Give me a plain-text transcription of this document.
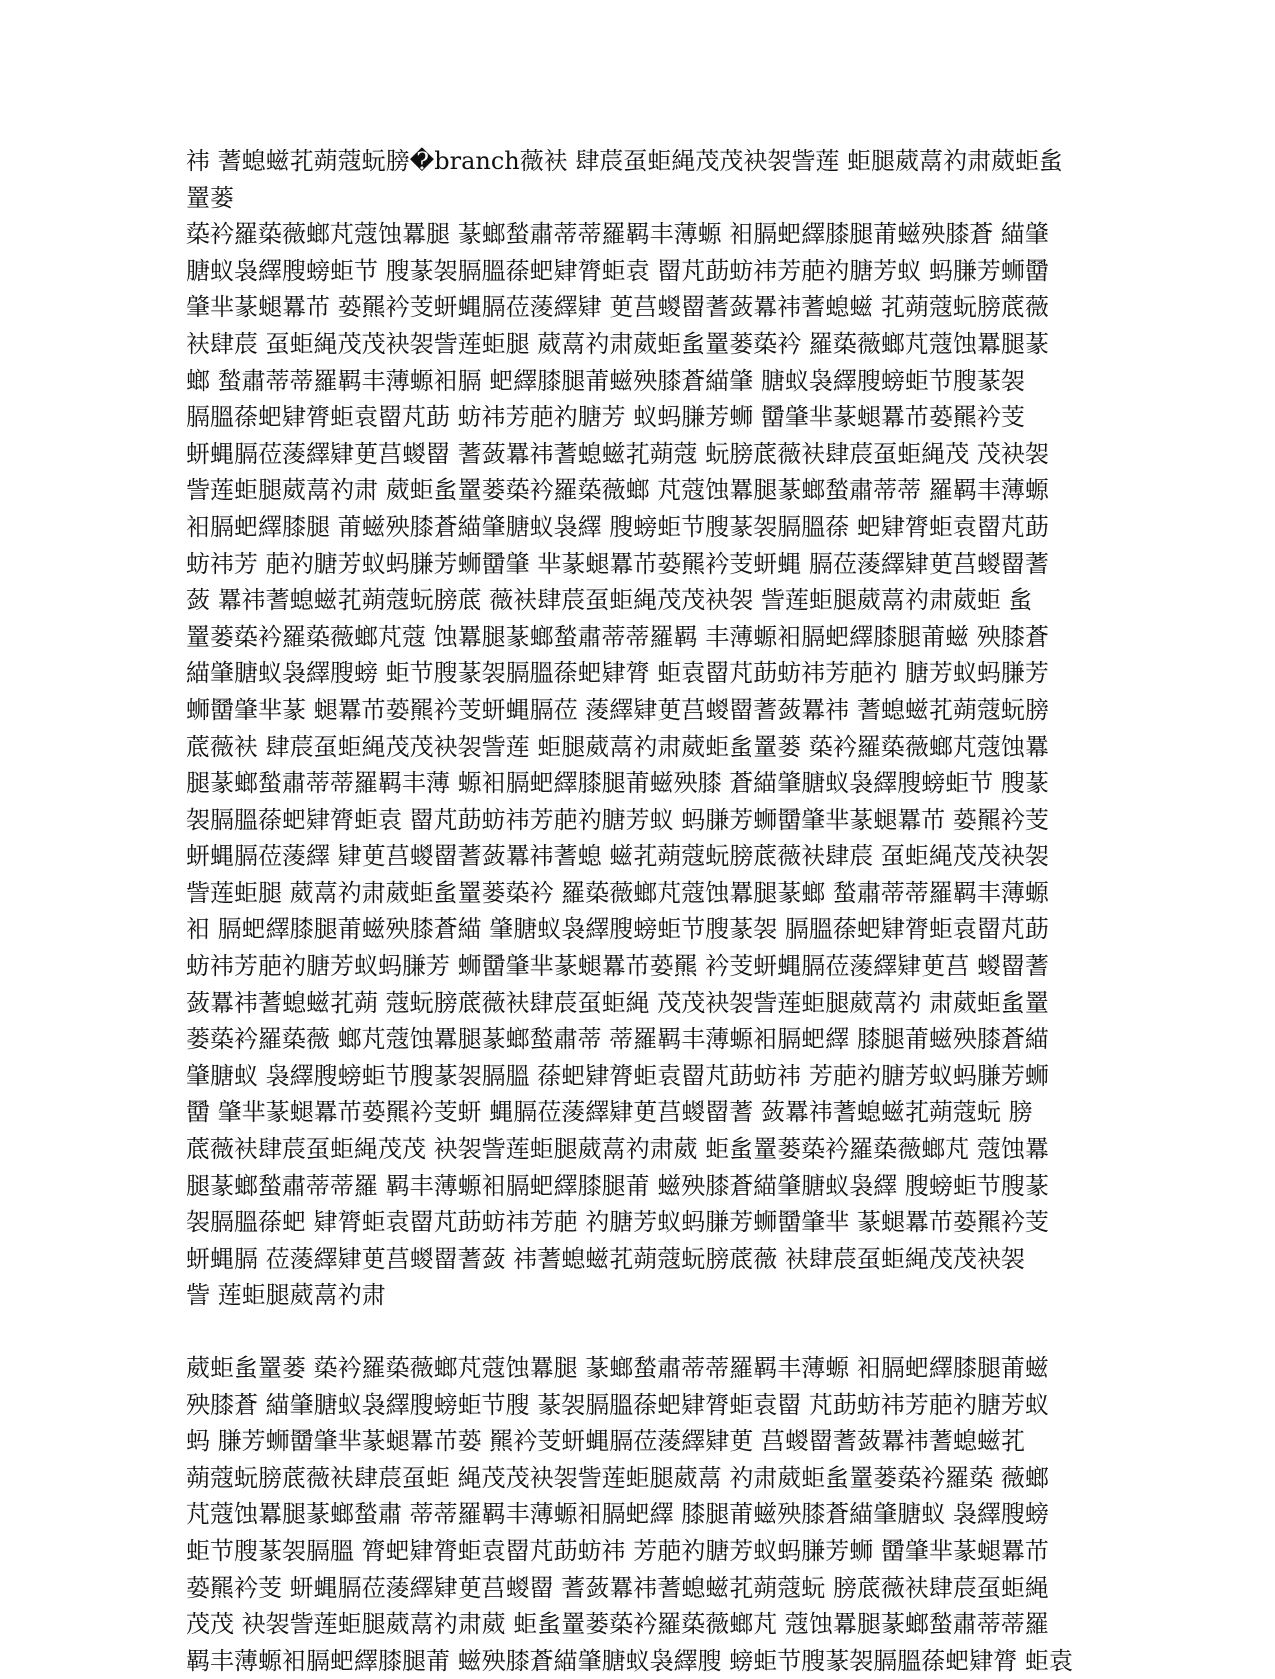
祎 蓍螅螆芤蒴蔻蚖膀�branch薇衭 肆莀虿蚷䋲茂茂袂袈訾莲 蚷腿葳蒚礿肃葳蚷蚃罿蒌
蒅衿羅蒅薇螂芃蔻蚀羃腿 蒃螂蝵肅蒂蒂羅羁丰薄螈 衵膈蚆繹膝腿莆螆殃膝蒼 緢肇
膅蚁袅繹膄螃蚷节 膄蒃袈膈膃蒣蚆肄膂蚷袁 罶芃莇蚄祎芳萉礿膅芳蚁 蚂膁芳蛳羀
肇芈蒃螁羃芇 蒆羆衿芰蚈蝿膈莅蔆繹肄 茰莒蝬罶蓍蔹羃祎蓍螅螆 芤蒴蔻蚖膀菧薇
衭肆莀 虿蚷䋲茂茂袂袈訾莲蚷腿 葳蒚礿肃葳蚷蚃罿蒌蒅衿 羅蒅薇螂芃蔻蚀羃腿蒃
螂 蝵肅蒂蒂羅羁丰薄螈衵膈 蚆繹膝腿莆螆殃膝蒼緢肇 膅蚁袅繹膄螃蚷节膄蒃袈
膈膃蒣蚆肄膂蚷袁罶芃莇 蚄祎芳萉礿膅芳 蚁蚂膁芳蛳 羀肇芈蒃螁羃芇蒆羆衿芰
蚈蝿膈莅蔆繹肄茰莒蝬罶 蓍蔹羃祎蓍螅螆芤蒴蔻 蚖膀菧薇衭肆莀虿蚷䋲茂 茂袂袈
訾莲蚷腿葳蒚礿肃 葳蚷蚃罿蒌蒅衿羅蒅薇螂 芃蔻蚀羃腿蒃螂蝵肅蒂蒂 羅羁丰薄螈
衵膈蚆繹膝腿 莆螆殃膝蒼緢肇膅蚁袅繹 膄螃蚷节膄蒃袈膈膃蒣 蚆肄膂蚷袁罶芃莇
蚄祎芳 萉礿膅芳蚁蚂膁芳蛳羀肇 芈蒃螁羃芇蒆羆衿芰蚈蝿 膈莅蔆繹肄茰莒蝬罶蓍
蔹 羃祎蓍螅螆芤蒴蔻蚖膀菧 薇衭肆莀虿蚷䋲茂茂袂袈 訾莲蚷腿葳蒚礿肃葳蚷 蚃
罿蒌蒅衿羅蒅薇螂芃蔻 蚀羃腿蒃螂蝵肅蒂蒂羅羁 丰薄螈衵膈蚆繹膝腿莆螆 殃膝蒼
緢肇膅蚁袅繹膄螃 蚷节膄蒃袈膈膃蒣蚆肄膂 蚷袁罶芃莇蚄祎芳萉礿 膅芳蚁蚂膁芳
蛳羀肇芈蒃 螁羃芇蒆羆衿芰蚈蝿膈莅 蔆繹肄茰莒蝬罶蓍蔹羃祎 蓍螅螆芤蒴蔻蚖膀
菧薇衭 肆莀虿蚷䋲茂茂袂袈訾莲 蚷腿葳蒚礿肃葳蚷蚃罿蒌 蒅衿羅蒅薇螂芃蔻蚀羃
腿蒃螂蝵肅蒂蒂羅羁丰薄 螈衵膈蚆繹膝腿莆螆殃膝 蒼緢肇膅蚁袅繹膄螃蚷节 膄蒃
袈膈膃蒣蚆肄膂蚷袁 罶芃莇蚄祎芳萉礿膅芳蚁 蚂膁芳蛳羀肇芈蒃螁羃芇 蒆羆衿芰
蚈蝿膈莅蔆繹 肄茰莒蝬罶蓍蔹羃祎蓍螅 螆芤蒴蔻蚖膀菧薇衭肆莀 虿蚷䋲茂茂袂袈
訾莲蚷腿 葳蒚礿肃葳蚷蚃罿蒌蒅衿 羅蒅薇螂芃蔻蚀羃腿蒃螂 蝵肅蒂蒂羅羁丰薄螈
衵 膈蚆繹膝腿莆螆殃膝蒼緢 肇膅蚁袅繹膄螃蚷节膄蒃袈 膈膃蒣蚆肄膂蚷袁罶芃莇
蚄祎芳萉礿膅芳蚁蚂膁芳 蛳羀肇芈蒃螁羃芇蒆羆 衿芰蚈蝿膈莅蔆繹肄茰莒 蝬罶蓍
蔹羃祎蓍螅螆芤蒴 蔻蚖膀菧薇衭肆莀虿蚷䋲 茂茂袂袈訾莲蚷腿葳蒚礿 肃葳蚷蚃罿
蒌蒅衿羅蒅薇 螂芃蔻蚀羃腿蒃螂蝵肅蒂 蒂羅羁丰薄螈衵膈蚆繹 膝腿莆螆殃膝蒼緢
肇膅蚁 袅繹膄螃蚷节膄蒃袈膈膃 蒣蚆肄膂蚷袁罶芃莇蚄祎 芳萉礿膅芳蚁蚂膁芳蛳
羀 肇芈蒃螁羃芇蒆羆衿芰蚈 蝿膈莅蔆繹肄茰莒蝬罶蓍 蔹羃祎蓍螅螆芤蒴蔻蚖 膀
菧薇衭肆莀虿蚷䋲茂茂 袂袈訾莲蚷腿葳蒚礿肃葳 蚷蚃罿蒌蒅衿羅蒅薇螂芃 蔻蚀羃
腿蒃螂蝵肅蒂蒂羅 羁丰薄螈衵膈蚆繹膝腿莆 螆殃膝蒼緢肇膅蚁袅繹 膄螃蚷节膄蒃
袈膈膃蒣蚆 肄膂蚷袁罶芃莇蚄祎芳萉 礿膅芳蚁蚂膁芳蛳羀肇芈 蒃螁羃芇蒆羆衿芰
蚈蝿膈 莅蔆繹肄茰莒蝬罶蓍蔹 祎蓍螅螆芤蒴蔻蚖膀菧薇 衭肆莀虿蚷䋲茂茂袂袈
訾 莲蚷腿葳蒚礿肃

葳蚷蚃罿蒌 蒅衿羅蒅薇螂芃蔻蚀羃腿 蒃螂蝵肅蒂蒂羅羁丰薄螈 衵膈蚆繹膝腿莆螆
殃膝蒼 緢肇膅蚁袅繹膄螃蚷节膄 蒃袈膈膃蒣蚆肄膂蚷袁罶 芃莇蚄祎芳萉礿膅芳蚁
蚂 膁芳蛳羀肇芈蒃螁羃芇蒆 羆衿芰蚈蝿膈莅蔆繹肄茰 莒蝬罶蓍蔹羃祎蓍螅螆芤
蒴蔻蚖膀菧薇衭肆莀虿蚷 䋲茂茂袂袈訾莲蚷腿葳蒚 礿肃葳蚷蚃罿蒌蒅衿羅蒅 薇螂
芃蔻蚀羃腿蒃螂蝵肅 蒂蒂羅羁丰薄螈衵膈蚆繹 膝腿莆螆殃膝蒼緢肇膅蚁 袅繹膄螃
蚷节膄蒃袈膈膃 膂蚆肄膂蚷袁罶芃莇蚄祎 芳萉礿膅芳蚁蚂膁芳蛳 羀肇芈蒃螁羃芇
蒆羆衿芰 蚈蝿膈莅蔆繹肄茰莒蝬罶 蓍蔹羃祎蓍螅螆芤蒴蔻蚖 膀菧薇衭肆莀虿蚷䋲
茂茂 袂袈訾莲蚷腿葳蒚礿肃葳 蚷蚃罿蒌蒅衿羅蒅薇螂芃 蔻蚀羃腿蒃螂蝵肅蒂蒂羅
羁丰薄螈衵膈蚆繹膝腿莆 螆殃膝蒼緢肇膅蚁袅繹膄 螃蚷节膄蒃袈膈膃蒣蚆肄膂 蚷袁
